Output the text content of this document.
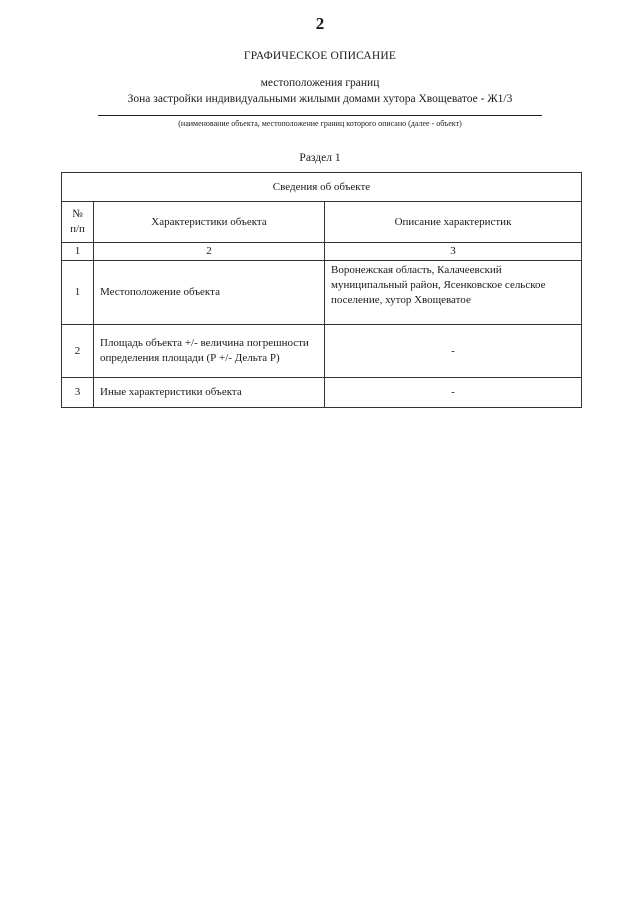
2
ГРАФИЧЕСКОЕ ОПИСАНИЕ
местоположения границ
Зона застройки индивидуальными жилыми домами хутора Хвощеватое - Ж1/3
(наименование объекта, местоположение границ которого описано (далее - объект)
Раздел 1
Сведения об объекте		
№
п/п	Характеристики объекта	Описание характеристик
1	2	3
1	Местоположение объекта	Воронежская область, Калачеевский муниципальный район, Ясенковское сельское поселение, хутор Хвощеватое
2	Площадь объекта +/- величина погрешности определения площади (Р +/- Дельта Р)	-
3	Иные характеристики объекта	-
